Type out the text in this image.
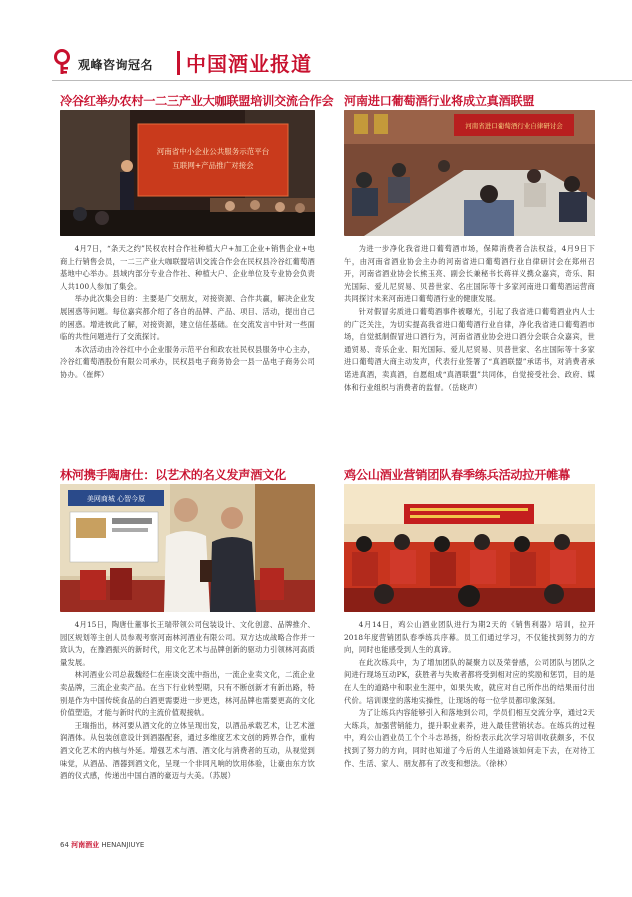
观峰咨询冠名 中国酒业报道
冷谷红举办农村一二三产业大咖联盟培训交流合作会
河南省中小企业公共服务示范平台
互联网+产品推广对接会

4月7日，“条天之约”民权农村合作社种植大户+加工企业+销售企业+电商上行销售会员，一二三产业大咖联盟培训交流合作会在民权县冷谷红葡萄酒基地中心举办。县域内部分专业合作社、种植大户、企业单位及专业协会负责人共100人参加了集会。

举办此次集会目的：主要是广交朋友，对接资源、合作共赢，解决企业发展困惑等问题。每位嘉宾都介绍了各自的品牌、产品、项目、活动，提出自己的困惑。增进彼此了解，对接资源，建立信任基础。在交流发言中针对一些面临的共性问题进行了交流探讨。

本次活动由冷谷红中小企业服务示范平台和政农社民权县服务中心主办，冷谷红葡萄酒股份有限公司承办，民权县电子商务协会一县一品电子商务公司协办。（崔辉）

河南进口葡萄酒行业将成立真酒联盟
河南省进口葡萄酒行业自律研讨会

为进一步净化我省进口葡萄酒市场，保障消费者合法权益，4月9日下午，由河南省酒业协会主办的河南省进口葡萄酒行业自律研讨会在郑州召开，河南省酒业协会长熊玉亮、副会长兼秘书长蒋祥义携众嘉宾，奇乐、阳光国际、爱儿尼贸易、贝普世家、名庄国际等十多家河南进口葡萄酒运营商共同探讨未来河南进口葡萄酒行业的健康发展。

针对假冒劣质进口葡萄酒事件被曝光，引起了我省进口葡萄酒业内人士的广泛关注，为切实提高我省进口葡萄酒行业自律，净化我省进口葡萄酒市场，自觉抵制假冒进口酒行为，河南省酒业协会进口酒分会联合众嘉宾，世通贸易、奇乐企业、阳光国际、爱儿尼贸易、贝普世家、名庄国际等十多家进口葡萄酒大商主动发声，代表行业签署了“真酒联盟”承诺书，对消费者承诺进真酒，卖真酒，自愿组成“真酒联盟”共同体，自觉接受社会、政府、媒体和行业组织与消费者的监督。（岳晓声）

林河携手陶唐仕：以艺术的名义发声酒文化
美网商城 心智今原

4月15日，陶唐仕董事长王瑞带领公司包装设计、文化创意、品牌推介、园区规划等主创人员参观考察河南林河酒业有限公司。双方达成战略合作并一致认为，在豫酒振兴的新时代，用文化艺术与品牌创新的驱动力引领林河高质量发展。

林河酒业公司总裁魏经仁在座谈交流中指出，一流企业卖文化，二流企业卖品牌，三流企业卖产品。在当下行业转型期，只有不断创新才有新出路，特别是作为中国传统食品的白酒更需要进一步更迭，林河品牌也需要更高的文化价值塑造，才能与新时代的主流价值观接轨。

王瑞指出，林河要从酒文化的立体呈现出发，以酒品承载艺术，让艺术滋润酒体。从包装创意设计到酒器配套，通过多维度艺术文创的跨界合作，重构酒文化艺术的内核与外延。增强艺术与酒、酒文化与消费者的互动，从视觉到味觉，从酒品、酒器到酒文化，呈现一个非同凡响的饮用体验，让豪由东方饮酒的仪式感，传递出中国白酒的豪迈与大美。（苏展）

鸡公山酒业营销团队春季练兵活动拉开帷幕

4月14日，鸡公山酒业团队进行为期2天的《销售利器》培训，拉开2018年度营销团队春季练兵序幕。员工们通过学习，不仅能找到努力的方向，同时也能感受到人生的真谛。

在此次练兵中，为了增加团队的凝聚力以及荣誉感，公司团队与团队之间进行现场互动PK，获胜者与失败者都将受到相对应的奖励和惩罚，目的是在人生的道路中和职业生涯中，如果失败，就应对自己所作出的结果而付出代价。培训课堂的落地实操性，让现场的每一位学员都印象深刻。

为了让练兵内容能够引入和落地到公司，学员们相互交流分享，通过2天大练兵，加强营销能力，提升职业素养，进入最佳营销状态。在练兵的过程中，鸡公山酒业员工个个斗志昂扬，纷纷表示此次学习培训收获颇多，不仅找到了努力的方向，同时也知道了今后的人生道路该如何走下去，在对待工作、生活、家人、朋友都有了改变和想法。（徐林）

64 河南酒业 HENANJIUYE
